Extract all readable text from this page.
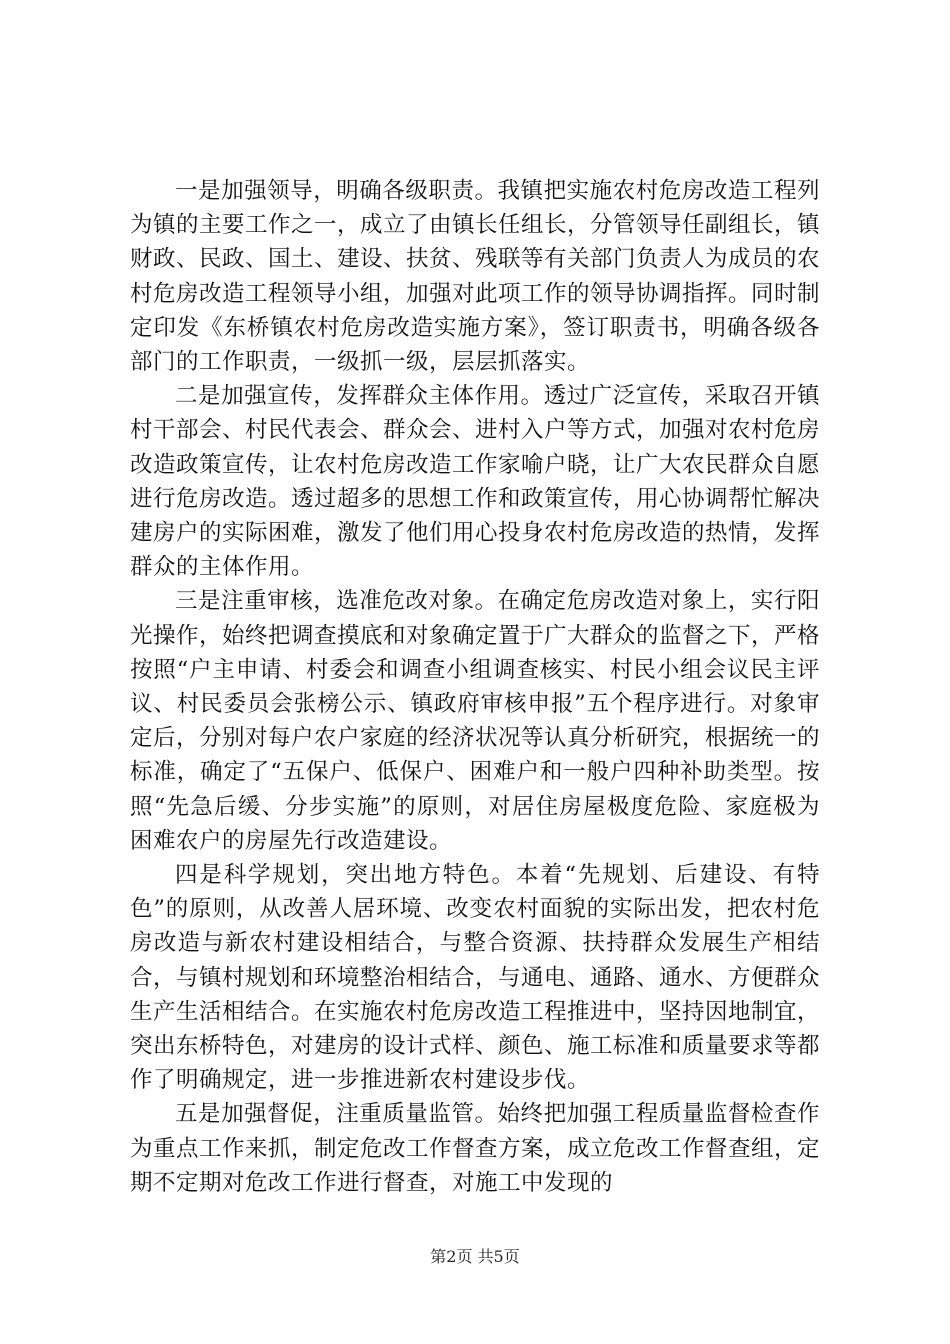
一是加强领导，明确各级职责。我镇把实施农村危房改造工程列为镇的主要工作之一，成立了由镇长任组长，分管领导任副组长，镇财政、民政、国土、建设、扶贫、残联等有关部门负责人为成员的农村危房改造工程领导小组，加强对此项工作的领导协调指挥。同时制定印发《东桥镇农村危房改造实施方案》，签订职责书，明确各级各部门的工作职责，一级抓一级，层层抓落实。

二是加强宣传，发挥群众主体作用。透过广泛宣传，采取召开镇村干部会、村民代表会、群众会、进村入户等方式，加强对农村危房改造政策宣传，让农村危房改造工作家喻户晓，让广大农民群众自愿进行危房改造。透过超多的思想工作和政策宣传，用心协调帮忙解决建房户的实际困难，激发了他们用心投身农村危房改造的热情，发挥群众的主体作用。

三是注重审核，选准危改对象。在确定危房改造对象上，实行阳光操作，始终把调查摸底和对象确定置于广大群众的监督之下，严格按照“户主申请、村委会和调查小组调查核实、村民小组会议民主评议、村民委员会张榜公示、镇政府审核申报”五个程序进行。对象审定后，分别对每户农户家庭的经济状况等认真分析研究，根据统一的标准，确定了“五保户、低保户、困难户和一般户四种补助类型。按照“先急后缓、分步实施”的原则，对居住房屋极度危险、家庭极为困难农户的房屋先行改造建设。

四是科学规划，突出地方特色。本着“先规划、后建设、有特色”的原则，从改善人居环境、改变农村面貌的实际出发，把农村危房改造与新农村建设相结合，与整合资源、扶持群众发展生产相结合，与镇村规划和环境整治相结合，与通电、通路、通水、方便群众生产生活相结合。在实施农村危房改造工程推进中，坚持因地制宜，突出东桥特色，对建房的设计式样、颜色、施工标准和质量要求等都作了明确规定，进一步推进新农村建设步伐。

五是加强督促，注重质量监管。始终把加强工程质量监督检查作为重点工作来抓，制定危改工作督查方案，成立危改工作督查组，定期不定期对危改工作进行督查，对施工中发现的

第2页 共5页
